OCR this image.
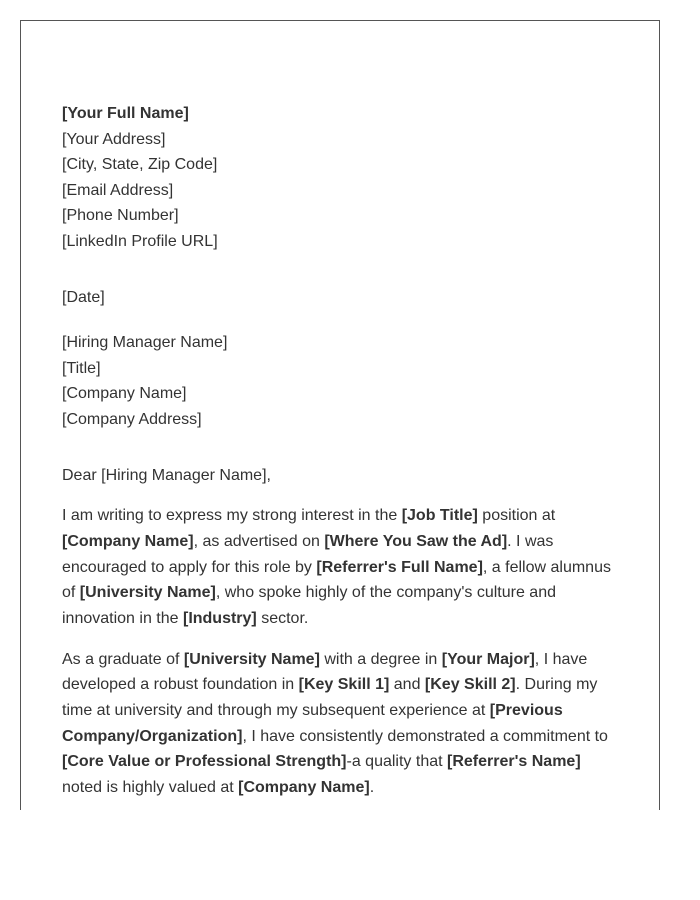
[Your Full Name]
[Your Address]
[City, State, Zip Code]
[Email Address]
[Phone Number]
[LinkedIn Profile URL]
[Date]
[Hiring Manager Name]
[Title]
[Company Name]
[Company Address]
Dear [Hiring Manager Name],

I am writing to express my strong interest in the [Job Title] position at [Company Name], as advertised on [Where You Saw the Ad]. I was encouraged to apply for this role by [Referrer's Full Name], a fellow alumnus of [University Name], who spoke highly of the company's culture and innovation in the [Industry] sector.

As a graduate of [University Name] with a degree in [Your Major], I have developed a robust foundation in [Key Skill 1] and [Key Skill 2]. During my time at university and through my subsequent experience at [Previous Company/Organization], I have consistently demonstrated a commitment to [Core Value or Professional Strength]-a quality that [Referrer's Name] noted is highly valued at [Company Name].
